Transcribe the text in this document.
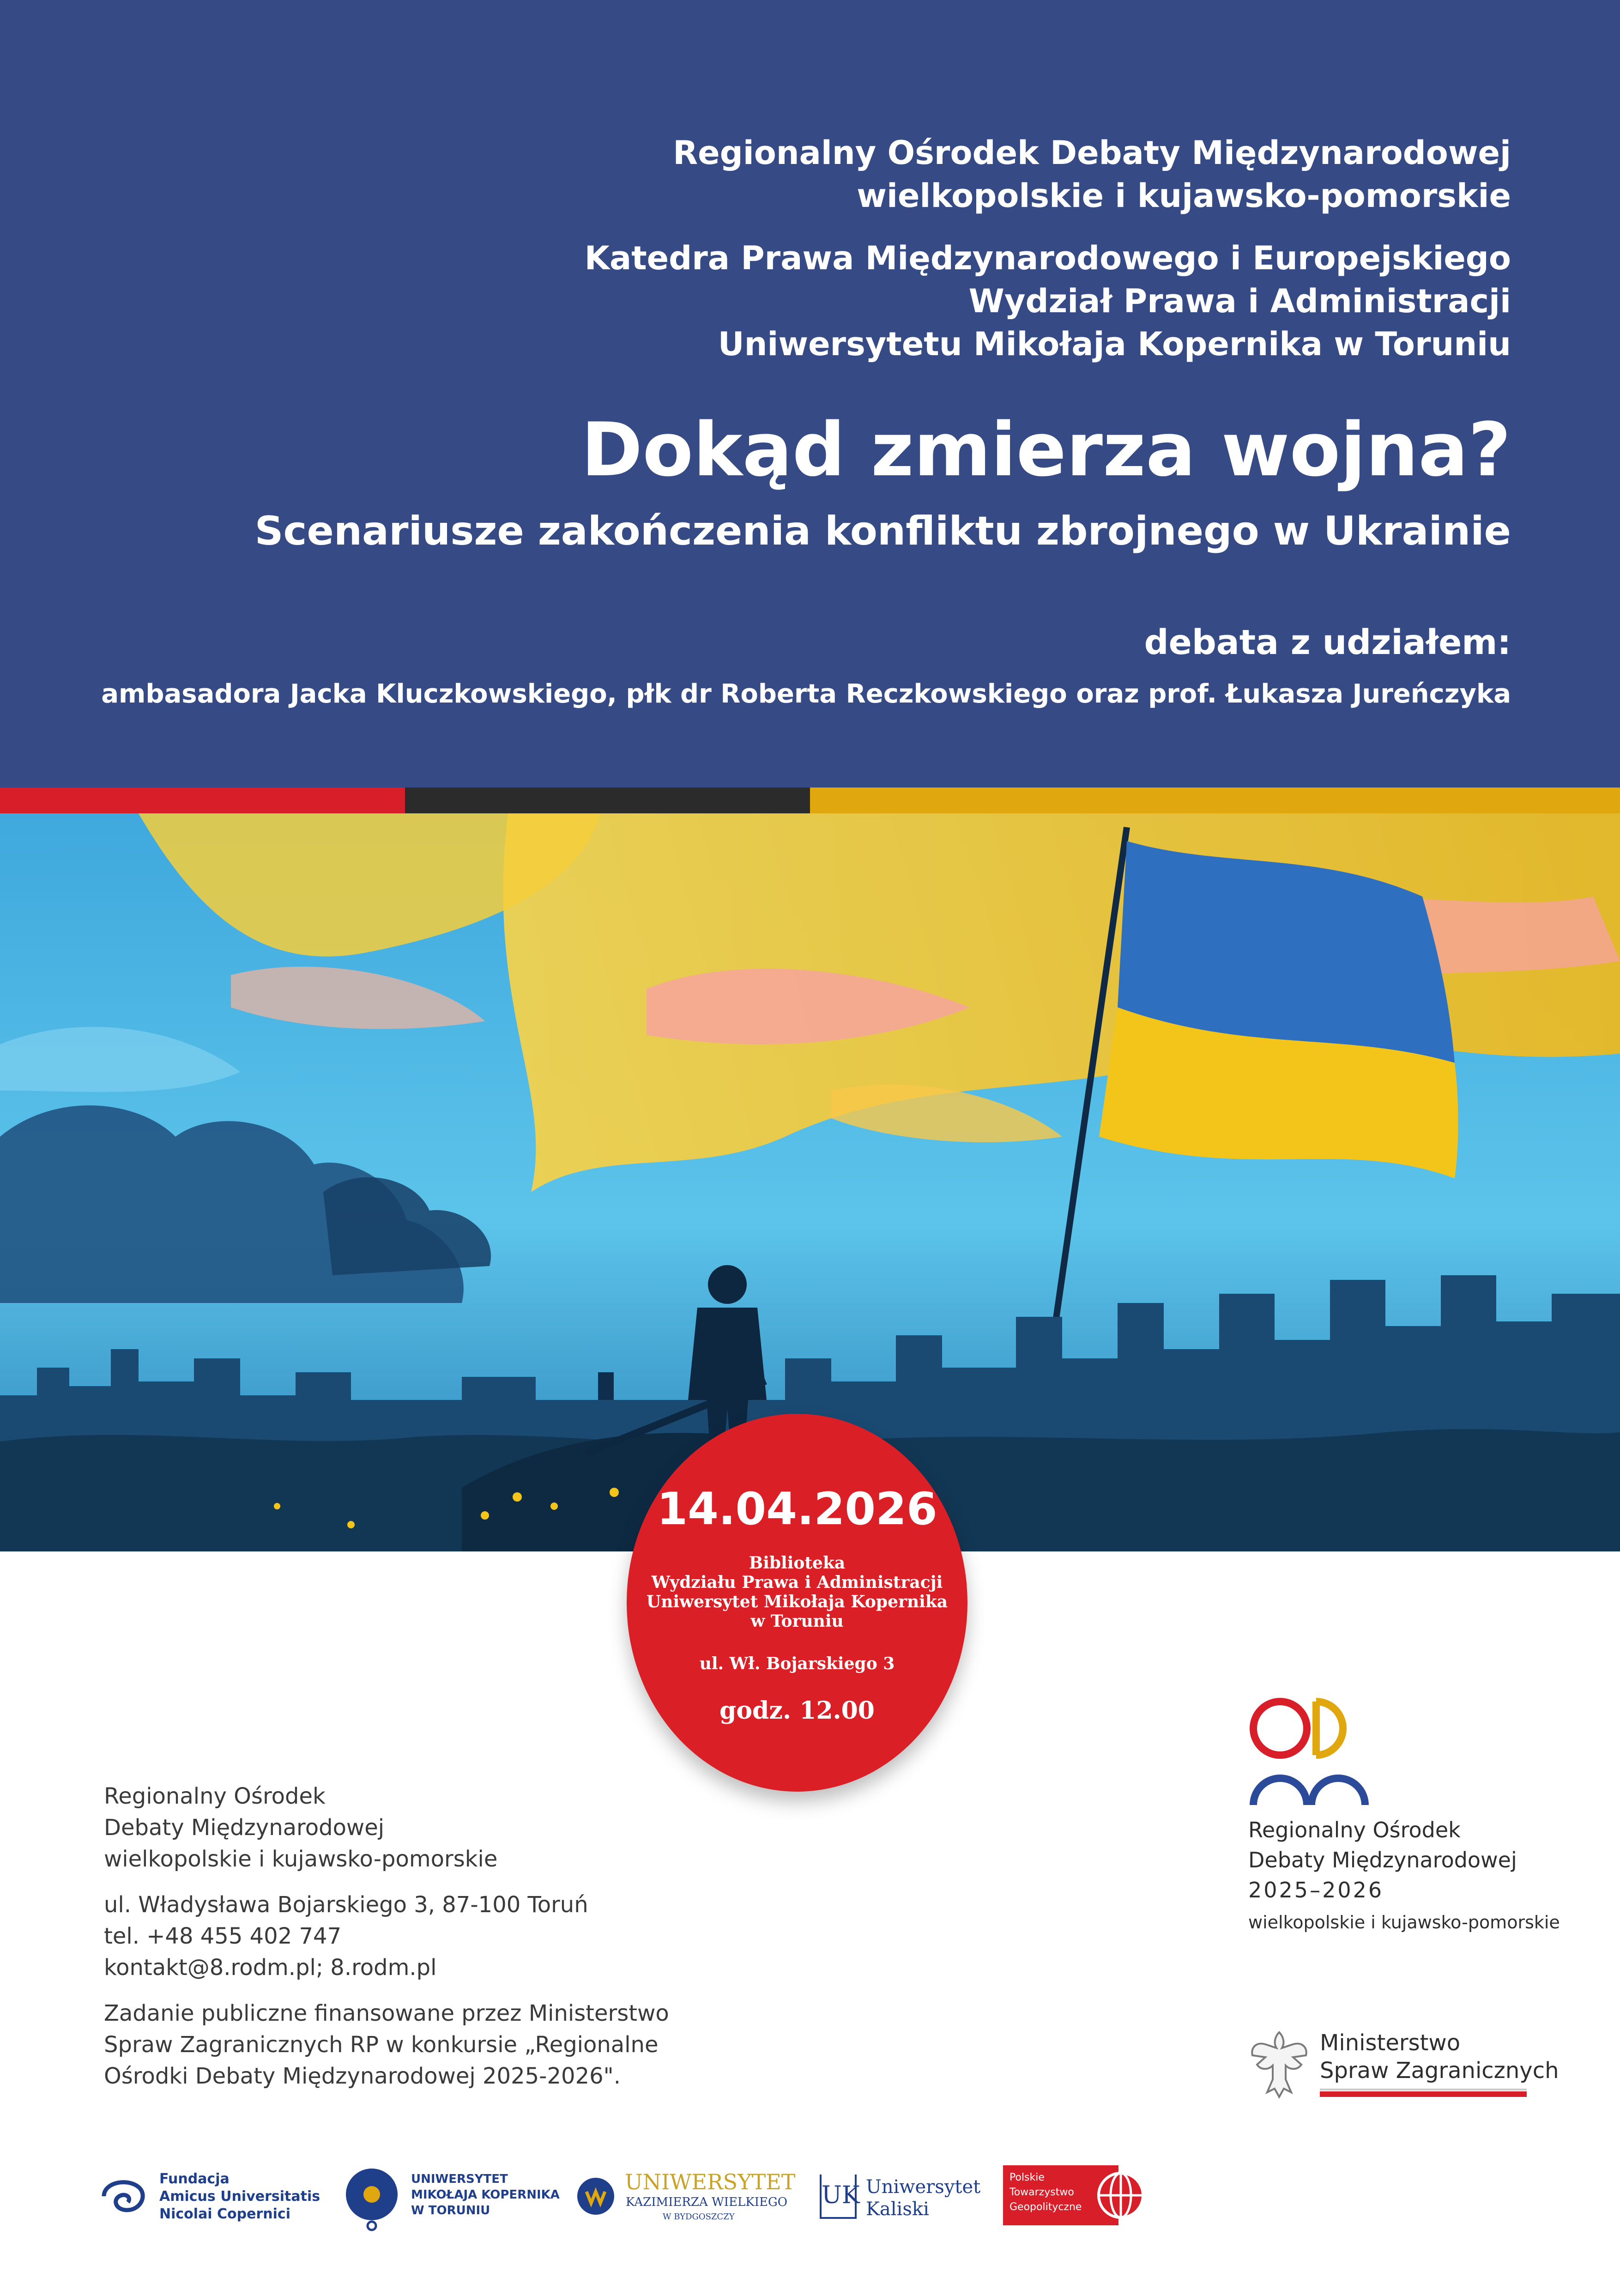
Regionalny Ośrodek Debaty Międzynarodowej
wielkopolskie i kujawsko-pomorskie
Katedra Prawa Międzynarodowego i Europejskiego
Wydział Prawa i Administracji
Uniwersytetu Mikołaja Kopernika w Toruniu
Dokąd zmierza wojna?
Scenariusze zakończenia konfliktu zbrojnego w Ukrainie
debata z udziałem:
ambasadora Jacka Kluczkowskiego, płk dr Roberta Reczkowskiego oraz prof. Łukasza Jureńczyka
14.04.2026
Biblioteka
Wydziału Prawa i Administracji
Uniwersytet Mikołaja Kopernika
w Toruniu
ul. Wł. Bojarskiego 3
godz. 12.00
Regionalny Ośrodek
Debaty Międzynarodowej
wielkopolskie i kujawsko-pomorskie
ul. Władysława Bojarskiego 3, 87-100 Toruń
tel. +48 455 402 747
kontakt@8.rodm.pl; 8.rodm.pl
Zadanie publiczne finansowane przez Ministerstwo
Spraw Zagranicznych RP w konkursie „Regionalne
Ośrodki Debaty Międzynarodowej 2025-2026".
Regionalny Ośrodek
Debaty Międzynarodowej
2025–2026
wielkopolskie i kujawsko-pomorskie
Ministerstwo
Spraw Zagranicznych
Fundacja
Amicus Universitatis
Nicolai Copernici
UNIWERSYTET
MIKOŁAJA KOPERNIKA
W TORUNIU
UNIWERSYTET
KAZIMIERZA WIELKIEGO
W BYDGOSZCZY
UK Uniwersytet
Kaliski
Polskie
Towarzystwo
Geopolityczne
